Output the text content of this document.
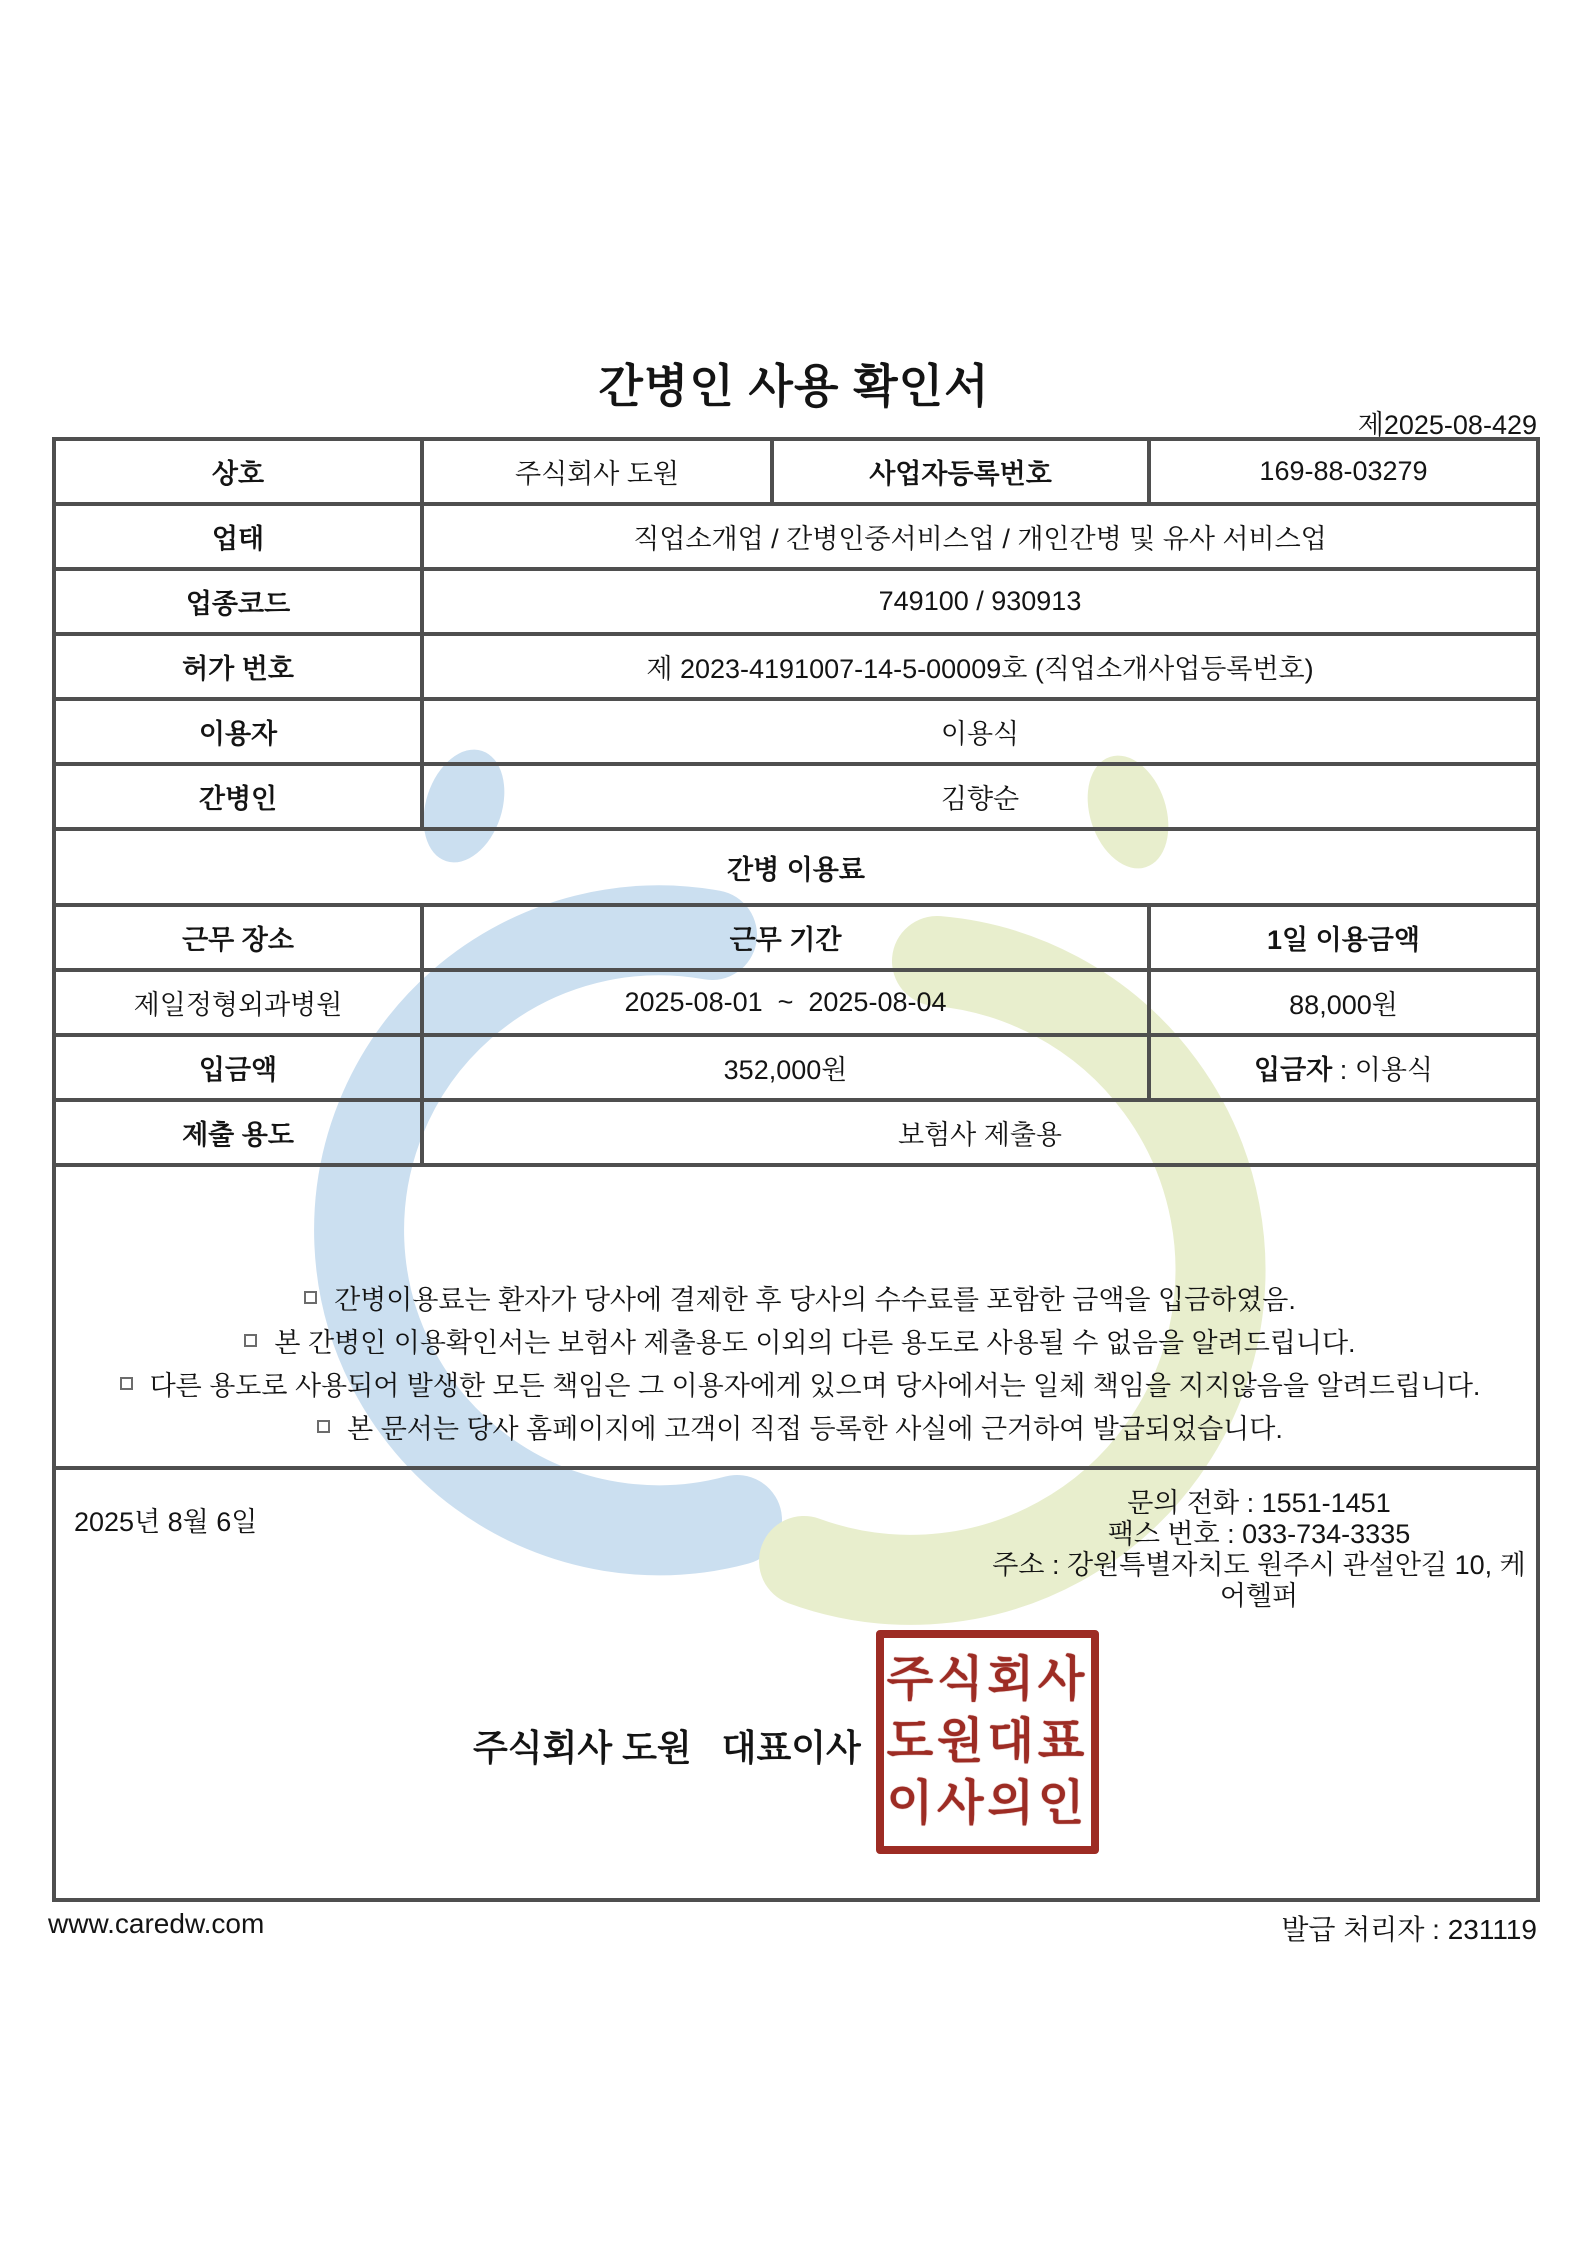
간병인 사용 확인서
제2025-08-429
상호	주식회사 도원	사업자등록번호	169-88-03279
업태	직업소개업 / 간병인중서비스업 / 개인간병 및 유사 서비스업		
업종코드	749100 / 930913		
허가 번호	제 2023-4191007-14-5-00009호 (직업소개사업등록번호)		
이용자	이용식		
간병인	김향순		
간병 이용료			
근무 장소	근무 기간		1일 이용금액
제일정형외과병원	2025-08-01  ~  2025-08-04		88,000원
입금액	352,000원		입금자 : 이용식
제출 용도	보험사 제출용		

간병이용료는 환자가 당사에 결제한 후 당사의 수수료를 포함한 금액을 입금하였음.
본 간병인 이용확인서는 보험사 제출용도 이외의 다른 용도로 사용될 수 없음을 알려드립니다.
다른 용도로 사용되어 발생한 모든 책임은 그 이용자에게 있으며 당사에서는 일체 책임을 지지않음을 알려드립니다.
본 문서는 당사 홈페이지에 고객이 직접 등록한 사실에 근거하여 발급되었습니다.			

2025년 8월 6일
문의 전화 : 1551-1451
팩스 번호 : 033-734-3335
주소 : 강원특별자치도 원주시 관설안길 10, 케어헬퍼
주식회사 도원   대표이사
주식회사
도원대표
이사의인
www.caredw.com	발급 처리자 : 231119
